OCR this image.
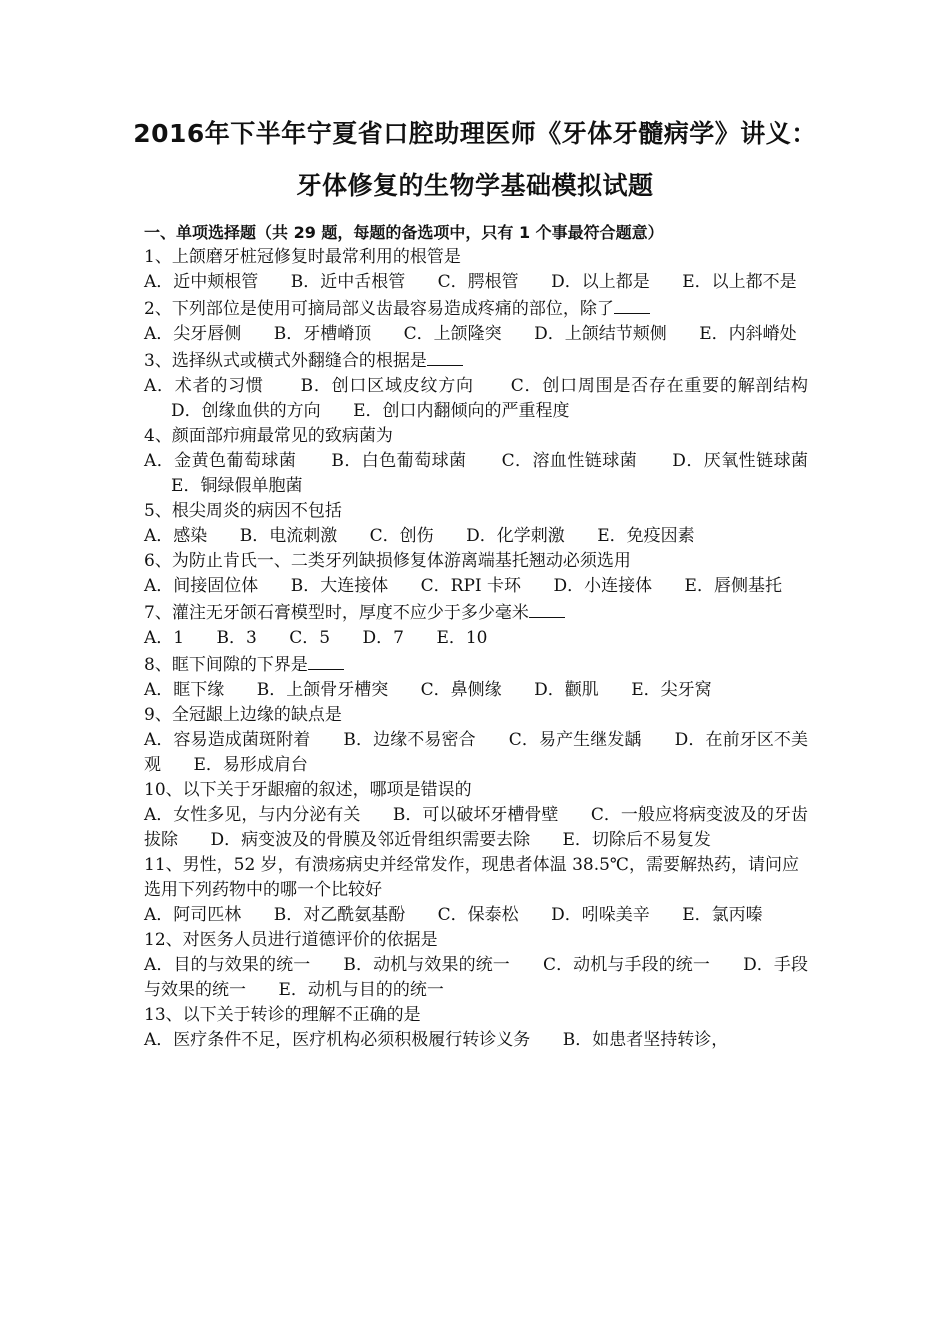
2016年下半年宁夏省口腔助理医师《牙体牙髓病学》讲义：
牙体修复的生物学基础模拟试题
一、单项选择题（共 29 题，每题的备选项中，只有 1 个事最符合题意）
1、上颌磨牙桩冠修复时最常利用的根管是
A．近中颊根管 B．近中舌根管 C．腭根管 D．以上都是 E．以上都不是
2、下列部位是使用可摘局部义齿最容易造成疼痛的部位，除了
A．尖牙唇侧 B．牙槽嵴顶 C．上颌隆突 D．上颌结节颊侧 E．内斜嵴处
3、选择纵式或横式外翻缝合的根据是
A．术者的习惯 B．创口区域皮纹方向 C．创口周围是否存在重要的解剖结构 D．创缘血供的方向 E．创口内翻倾向的严重程度
4、颜面部疖痈最常见的致病菌为
A．金黄色葡萄球菌 B．白色葡萄球菌 C．溶血性链球菌 D．厌氧性链球菌 E．铜绿假单胞菌
5、根尖周炎的病因不包括
A．感染 B．电流刺激 C．创伤 D．化学刺激 E．免疫因素
6、为防止肯氏一、二类牙列缺损修复体游离端基托翘动必须选用
A．间接固位体 B．大连接体 C．RPI 卡环 D．小连接体 E．唇侧基托
7、灌注无牙颌石膏模型时，厚度不应少于多少毫米
A．1 B．3 C．5 D．7 E．10
8、眶下间隙的下界是
A．眶下缘 B．上颌骨牙槽突 C．鼻侧缘 D．颧肌 E．尖牙窝
9、全冠龈上边缘的缺点是
A．容易造成菌斑附着 B．边缘不易密合 C．易产生继发龋 D．在前牙区不美观 E．易形成肩台
10、以下关于牙龈瘤的叙述，哪项是错误的
A．女性多见，与内分泌有关 B．可以破坏牙槽骨壁 C．一般应将病变波及的牙齿拔除 D．病变波及的骨膜及邻近骨组织需要去除 E．切除后不易复发
11、男性，52 岁，有溃疡病史并经常发作，现患者体温 38.5℃，需要解热药，请问应选用下列药物中的哪一个比较好
A．阿司匹林 B．对乙酰氨基酚 C．保泰松 D．吲哚美辛 E．氯丙嗪
12、对医务人员进行道德评价的依据是
A．目的与效果的统一 B．动机与效果的统一 C．动机与手段的统一 D．手段与效果的统一 E．动机与目的的统一
13、以下关于转诊的理解不正确的是
A．医疗条件不足，医疗机构必须积极履行转诊义务 B．如患者坚持转诊，
